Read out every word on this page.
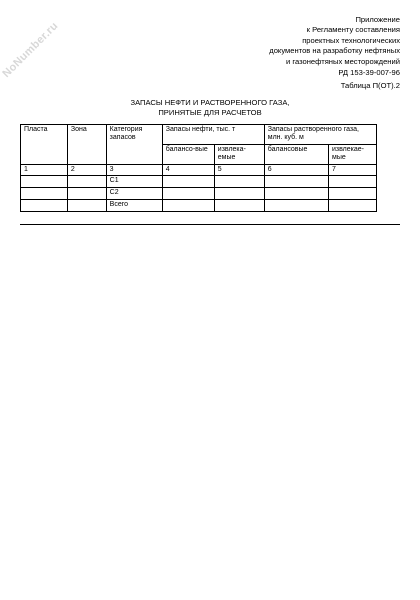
NoNumber.ru
Приложение
к Регламенту составления
проектных технологических
документов на разработку нефтяных
и газонефтяных месторождений
РД 153-39-007-96
Таблица П(ОТ).2
ЗАПАСЫ НЕФТИ И РАСТВОРЕННОГО ГАЗА,
ПРИНЯТЫЕ ДЛЯ РАСЧЕТОВ
Пласта	Зона	Категория запасов	Запасы нефти, тыс. т		Запасы растворенного газа, млн. куб. м	
			балансо-вые	извлека-емые	балансовые	извлекае-мые
1	2	3	4	5	6	7
		С1				
		С2				
		Всего				
